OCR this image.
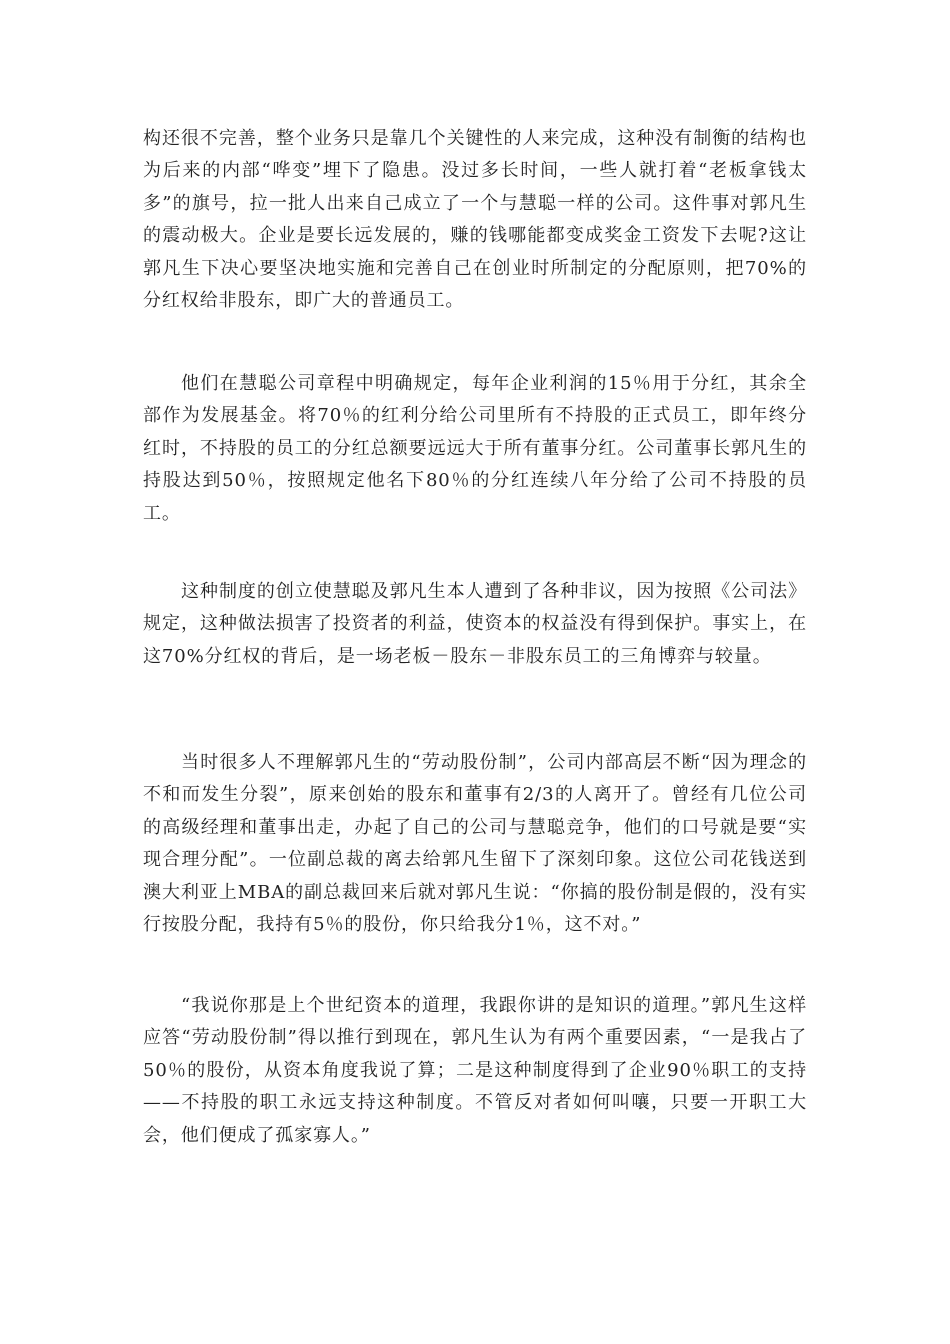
构还很不完善，整个业务只是靠几个关键性的人来完成，这种没有制衡的结构也为后来的内部“哗变”埋下了隐患。没过多长时间，一些人就打着“老板拿钱太多”的旗号，拉一批人出来自己成立了一个与慧聪一样的公司。这件事对郭凡生的震动极大。企业是要长远发展的，赚的钱哪能都变成奖金工资发下去呢?这让郭凡生下决心要坚决地实施和完善自己在创业时所制定的分配原则，把70%的分红权给非股东，即广大的普通员工。

他们在慧聪公司章程中明确规定，每年企业利润的15％用于分红，其余全部作为发展基金。将70％的红利分给公司里所有不持股的正式员工，即年终分红时，不持股的员工的分红总额要远远大于所有董事分红。公司董事长郭凡生的持股达到50％，按照规定他名下80％的分红连续八年分给了公司不持股的员工。

这种制度的创立使慧聪及郭凡生本人遭到了各种非议，因为按照《公司法》规定，这种做法损害了投资者的利益，使资本的权益没有得到保护。事实上，在这70%分红权的背后，是一场老板－股东－非股东员工的三角博弈与较量。

当时很多人不理解郭凡生的“劳动股份制”，公司内部高层不断“因为理念的不和而发生分裂”，原来创始的股东和董事有2/3的人离开了。曾经有几位公司的高级经理和董事出走，办起了自己的公司与慧聪竞争，他们的口号就是要“实现合理分配”。一位副总裁的离去给郭凡生留下了深刻印象。这位公司花钱送到澳大利亚上MBA的副总裁回来后就对郭凡生说：“你搞的股份制是假的，没有实行按股分配，我持有5％的股份，你只给我分1％，这不对。”

“我说你那是上个世纪资本的道理，我跟你讲的是知识的道理。”郭凡生这样应答“劳动股份制”得以推行到现在，郭凡生认为有两个重要因素，“一是我占了50％的股份，从资本角度我说了算；二是这种制度得到了企业90％职工的支持——不持股的职工永远支持这种制度。不管反对者如何叫嚷，只要一开职工大会，他们便成了孤家寡人。”
